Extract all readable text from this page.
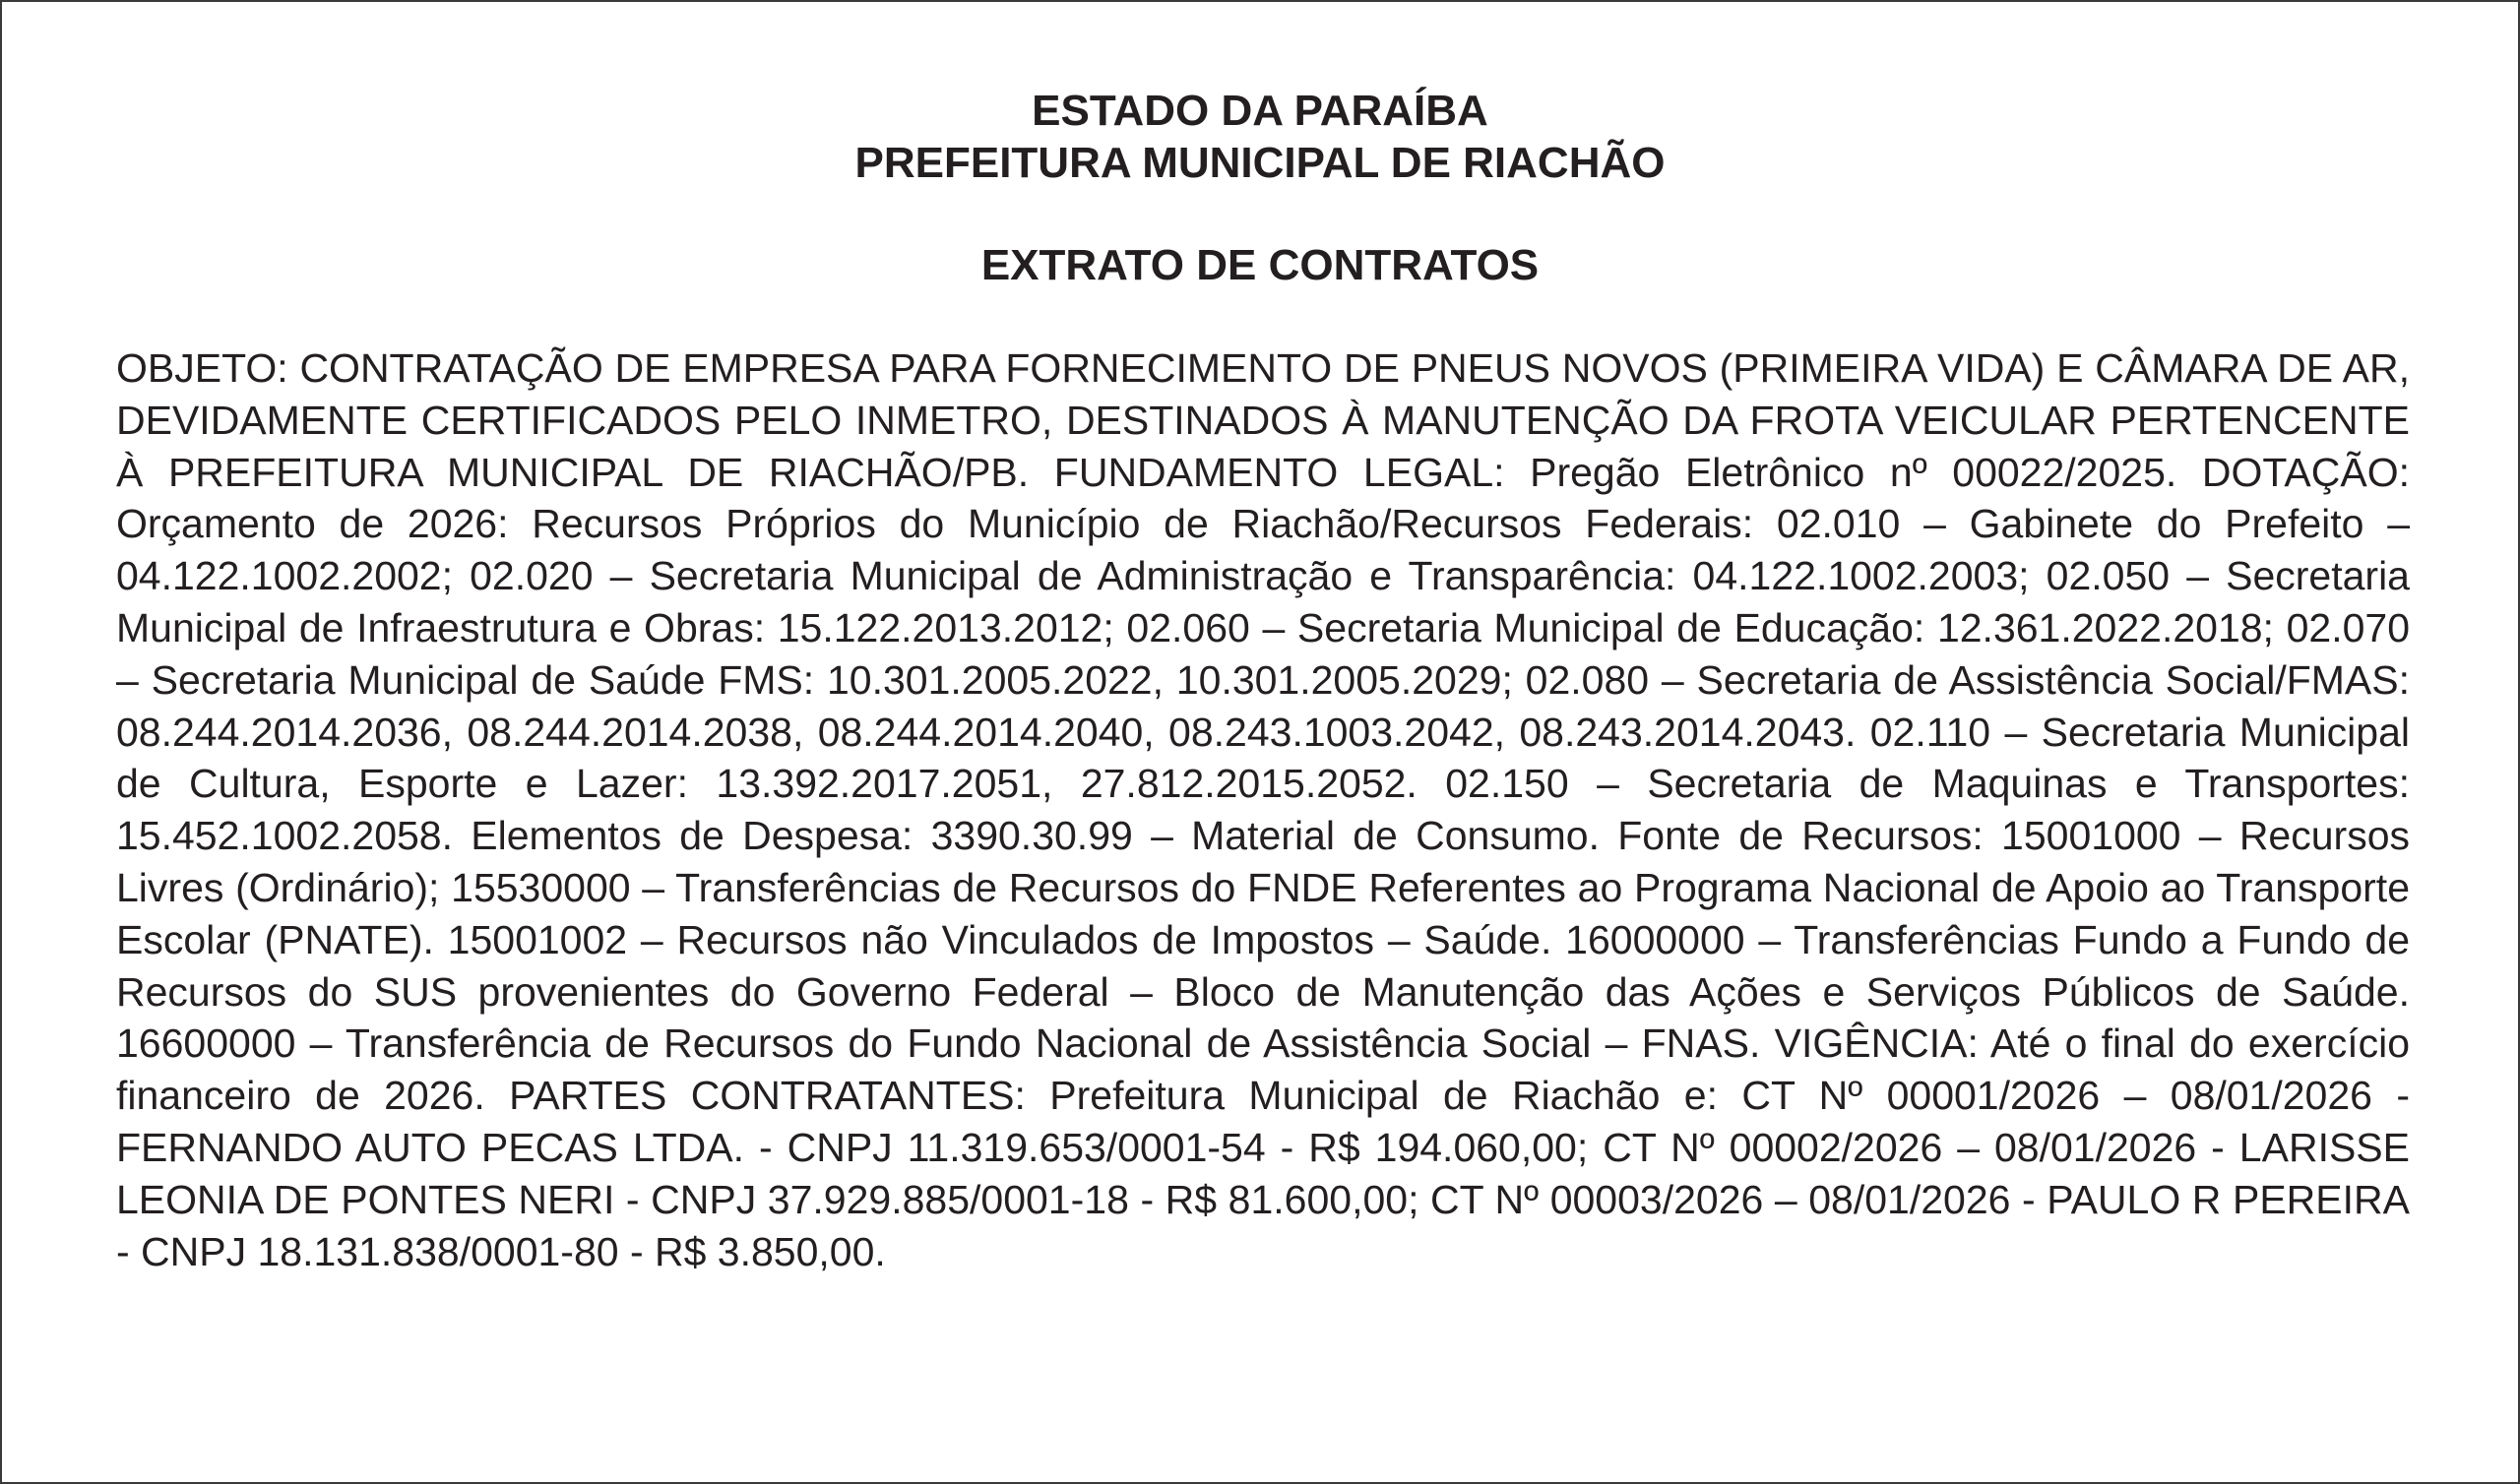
ESTADO DA PARAÍBA
PREFEITURA MUNICIPAL DE RIACHÃO
EXTRATO DE CONTRATOS

OBJETO: CONTRATAÇÃO DE EMPRESA PARA FORNECIMENTO DE PNEUS NOVOS (PRIMEIRA VIDA) E CÂMARA DE AR, DEVIDAMENTE CERTIFICADOS PELO INMETRO, DESTINADOS À MANUTENÇÃO DA FROTA VEICULAR PERTENCENTE À PREFEITURA MUNICIPAL DE RIACHÃO/PB. FUNDAMENTO LEGAL: Pregão Eletrônico nº 00022/2025. DOTAÇÃO: Orçamento de 2026: Recursos Próprios do Município de Riachão/Recursos Federais: 02.010 – Gabinete do Prefeito – 04.122.1002.2002; 02.020 – Secretaria Municipal de Administração e Transparência: 04.122.1002.2003; 02.050 – Secretaria Municipal de Infraestrutura e Obras: 15.122.2013.2012; 02.060 – Secretaria Municipal de Educação: 12.361.2022.2018; 02.070 – Secretaria Municipal de Saúde FMS: 10.301.2005.2022, 10.301.2005.2029; 02.080 – Secretaria de Assistência Social/FMAS: 08.244.2014.2036, 08.244.2014.2038, 08.244.2014.2040, 08.243.1003.2042, 08.243.2014.2043. 02.110 – Secretaria Municipal de Cultura, Esporte e Lazer: 13.392.2017.2051, 27.812.2015.2052. 02.150 – Secretaria de Maquinas e Transportes: 15.452.1002.2058. Elementos de Despesa: 3390.30.99 – Material de Consumo. Fonte de Recursos: 15001000 – Recursos Livres (Ordinário); 15530000 – Transferências de Recursos do FNDE Referentes ao Programa Nacional de Apoio ao Transporte Escolar (PNATE). 15001002 – Recursos não Vinculados de Impostos – Saúde. 16000000 – Transferências Fundo a Fundo de Recursos do SUS provenientes do Governo Federal – Bloco de Manutenção das Ações e Serviços Públicos de Saúde. 16600000 – Transferência de Recursos do Fundo Nacional de Assistência Social – FNAS. VIGÊNCIA: Até o final do exercício financeiro de 2026. PARTES CONTRATANTES: Prefeitura Municipal de Riachão e: CT Nº 00001/2026 – 08/01/2026 - FERNANDO AUTO PECAS LTDA. - CNPJ 11.319.653/0001-54 - R$ 194.060,00; CT Nº 00002/2026 – 08/01/2026 - LARISSE LEONIA DE PONTES NERI - CNPJ 37.929.885/0001-18 - R$ 81.600,00; CT Nº 00003/2026 – 08/01/2026 - PAULO R PEREIRA - CNPJ 18.131.838/0001-80 - R$ 3.850,00.
